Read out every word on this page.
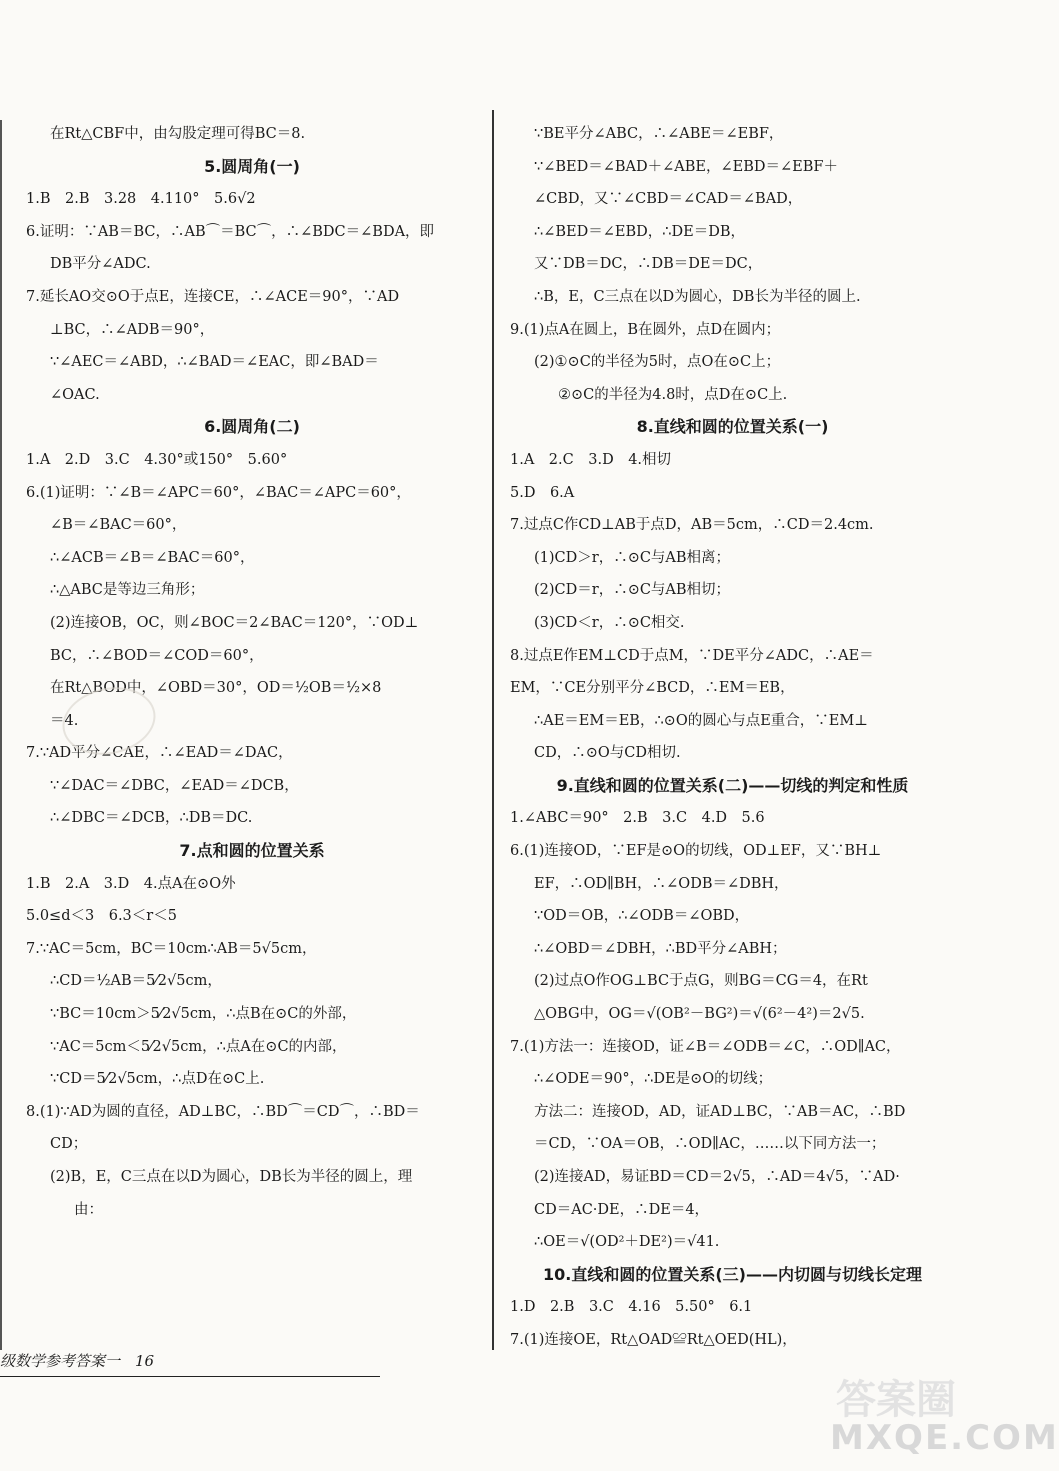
在Rt△CBF中，由勾股定理可得BC＝8.
5.圆周角(一)
1.B　2.B　3.28　4.110°　5.6√2
6.证明：∵AB＝BC，∴AB⌒＝BC⌒，∴∠BDC＝∠BDA，即
DB平分∠ADC.
7.延长AO交⊙O于点E，连接CE，∴∠ACE＝90°，∵AD
⊥BC，∴∠ADB＝90°，
∵∠AEC＝∠ABD，∴∠BAD＝∠EAC，即∠BAD＝
∠OAC.
6.圆周角(二)
1.A　2.D　3.C　4.30°或150°　5.60°
6.(1)证明：∵∠B＝∠APC＝60°，∠BAC＝∠APC＝60°，
∠B＝∠BAC＝60°，
∴∠ACB＝∠B＝∠BAC＝60°，
∴△ABC是等边三角形；
(2)连接OB，OC，则∠BOC＝2∠BAC＝120°，∵OD⊥
BC，∴∠BOD＝∠COD＝60°，
在Rt△BOD中，∠OBD＝30°，OD＝½OB＝½×8
＝4.
7.∵AD平分∠CAE，∴∠EAD＝∠DAC，
∵∠DAC＝∠DBC，∠EAD＝∠DCB，
∴∠DBC＝∠DCB，∴DB＝DC.
7.点和圆的位置关系
1.B　2.A　3.D　4.点A在⊙O外
5.0≤d＜3　6.3＜r＜5
7.∵AC＝5cm，BC＝10cm∴AB＝5√5cm，
∴CD＝½AB＝5⁄2√5cm，
∵BC＝10cm＞5⁄2√5cm，∴点B在⊙C的外部，
∵AC＝5cm＜5⁄2√5cm，∴点A在⊙C的内部，
∵CD＝5⁄2√5cm，∴点D在⊙C上.
8.(1)∵AD为圆的直径，AD⊥BC，∴BD⌒＝CD⌒，∴BD＝
CD；
(2)B，E，C三点在以D为圆心，DB长为半径的圆上，理
由：
∵BE平分∠ABC，∴∠ABE＝∠EBF，
∵∠BED＝∠BAD＋∠ABE，∠EBD＝∠EBF＋
∠CBD，又∵∠CBD＝∠CAD＝∠BAD，
∴∠BED＝∠EBD，∴DE＝DB，
又∵DB＝DC，∴DB＝DE＝DC，
∴B，E，C三点在以D为圆心，DB长为半径的圆上.
9.(1)点A在圆上，B在圆外，点D在圆内；
(2)①⊙C的半径为5时，点O在⊙C上；
②⊙C的半径为4.8时，点D在⊙C上.
8.直线和圆的位置关系(一)
1.A　2.C　3.D　4.相切
5.D　6.A
7.过点C作CD⊥AB于点D，AB＝5cm，∴CD＝2.4cm.
(1)CD＞r，∴⊙C与AB相离；
(2)CD＝r，∴⊙C与AB相切；
(3)CD＜r，∴⊙C相交.
8.过点E作EM⊥CD于点M，∵DE平分∠ADC，∴AE＝
EM，∵CE分别平分∠BCD，∴EM＝EB，
∴AE＝EM＝EB，∴⊙O的圆心与点E重合，∵EM⊥
CD，∴⊙O与CD相切.
9.直线和圆的位置关系(二)——切线的判定和性质
1.∠ABC＝90°　2.B　3.C　4.D　5.6
6.(1)连接OD，∵EF是⊙O的切线，OD⊥EF，又∵BH⊥
EF，∴OD∥BH，∴∠ODB＝∠DBH，
∵OD＝OB，∴∠ODB＝∠OBD，
∴∠OBD＝∠DBH，∴BD平分∠ABH；
(2)过点O作OG⊥BC于点G，则BG＝CG＝4，在Rt
△OBG中，OG＝√(OB²－BG²)＝√(6²－4²)＝2√5.
7.(1)方法一：连接OD，证∠B＝∠ODB＝∠C，∴OD∥AC，
∴∠ODE＝90°，∴DE是⊙O的切线；
方法二：连接OD，AD，证AD⊥BC，∵AB＝AC，∴BD
＝CD，∵OA＝OB，∴OD∥AC，……以下同方法一；
(2)连接AD，易证BD＝CD＝2√5，∴AD＝4√5，∵AD·
CD＝AC·DE，∴DE＝4，
∴OE＝√(OD²＋DE²)＝√41.
10.直线和圆的位置关系(三)——内切圆与切线长定理
1.D　2.B　3.C　4.16　5.50°　6.1
7.(1)连接OE，Rt△OAD≌Rt△OED(HL)，
级数学参考答案一　16
答案圈
MXQE.COM
